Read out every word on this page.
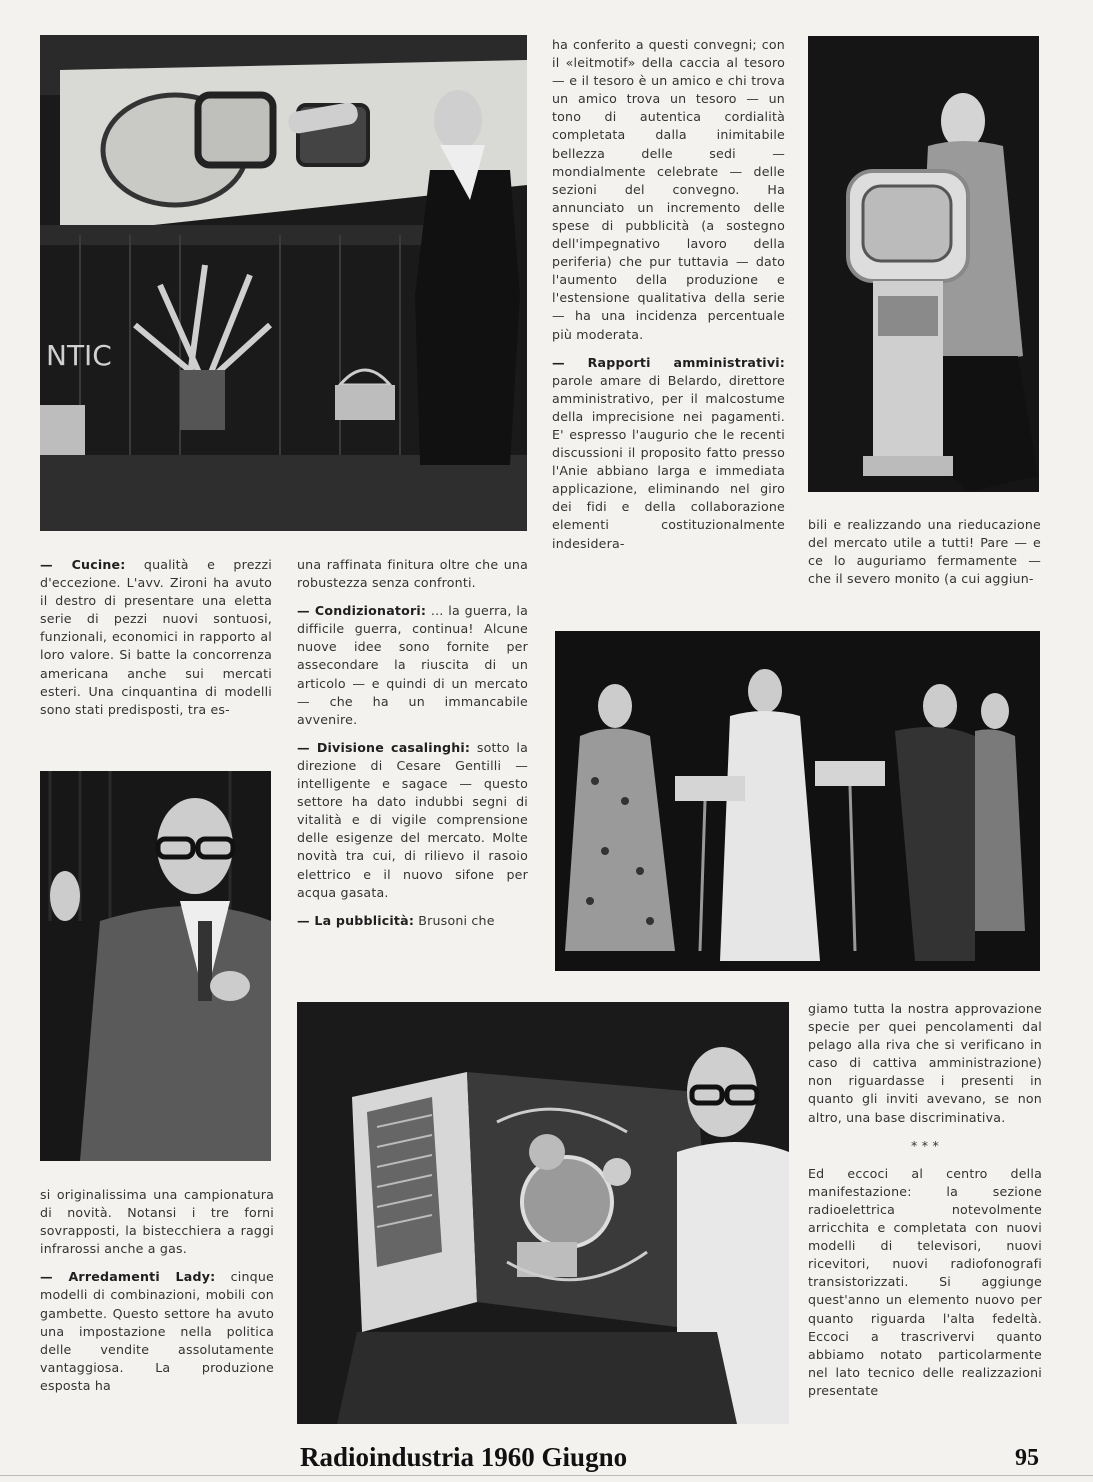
NTIC

— Cucine: qualità e prezzi d'eccezione. L'avv. Zironi ha avuto il destro di presentare una eletta serie di pezzi nuovi sontuosi, funzionali, economici in rapporto al loro valore. Si batte la concorrenza americana anche sui mercati esteri. Una cinquantina di modelli sono stati predisposti, tra es-

si originalissima una campionatura di novità. Notansi i tre forni sovrapposti, la bistecchiera a raggi infrarossi anche a gas.

— Arredamenti Lady: cinque modelli di combinazioni, mobili con gambette. Questo settore ha avuto una impostazione nella politica delle vendite assolutamente vantaggiosa. La produzione esposta ha

una raffinata finitura oltre che una robustezza senza confronti.

— Condizionatori: ... la guerra, la difficile guerra, continua! Alcune nuove idee sono fornite per assecondare la riuscita di un articolo — e quindi di un mercato — che ha un immancabile avvenire.

— Divisione casalinghi: sotto la direzione di Cesare Gentilli — intelligente e sagace — questo settore ha dato indubbi segni di vitalità e di vigile comprensione delle esigenze del mercato. Molte novità tra cui, di rilievo il rasoio elettrico e il nuovo sifone per acqua gasata.

— La pubblicità: Brusoni che

ha conferito a questi convegni; con il «leitmotif» della caccia al tesoro — e il tesoro è un amico e chi trova un amico trova un tesoro — un tono di autentica cordialità completata dalla inimitabile bellezza delle sedi — mondialmente celebrate — delle sezioni del convegno. Ha annunciato un incremento delle spese di pubblicità (a sostegno dell'impegnativo lavoro della periferia) che pur tuttavia — dato l'aumento della produzione e l'estensione qualitativa della serie — ha una incidenza percentuale più moderata.

— Rapporti amministrativi: parole amare di Belardo, direttore amministrativo, per il malcostume della imprecisione nei pagamenti. E' espresso l'augurio che le recenti discussioni il proposito fatto presso l'Anie abbiano larga e immediata applicazione, eliminando nel giro dei fidi e della collaborazione elementi costituzionalmente indesidera-

bili e realizzando una rieducazione del mercato utile a tutti! Pare — e ce lo auguriamo fermamente — che il severo monito (a cui aggiun-

giamo tutta la nostra approvazione specie per quei pencolamenti dal pelago alla riva che si verificano in caso di cattiva amministrazione) non riguardasse i presenti in quanto gli inviti avevano, se non altro, una base discriminativa.

* * *

Ed eccoci al centro della manifestazione: la sezione radioelettrica notevolmente arricchita e completata con nuovi modelli di televisori, nuovi ricevitori, nuovi radiofonografi transistorizzati. Si aggiunge quest'anno un elemento nuovo per quanto riguarda l'alta fedeltà. Eccoci a trascrivervi quanto abbiamo notato particolarmente nel lato tecnico delle realizzazioni presentate

Radioindustria 1960 Giugno	95
